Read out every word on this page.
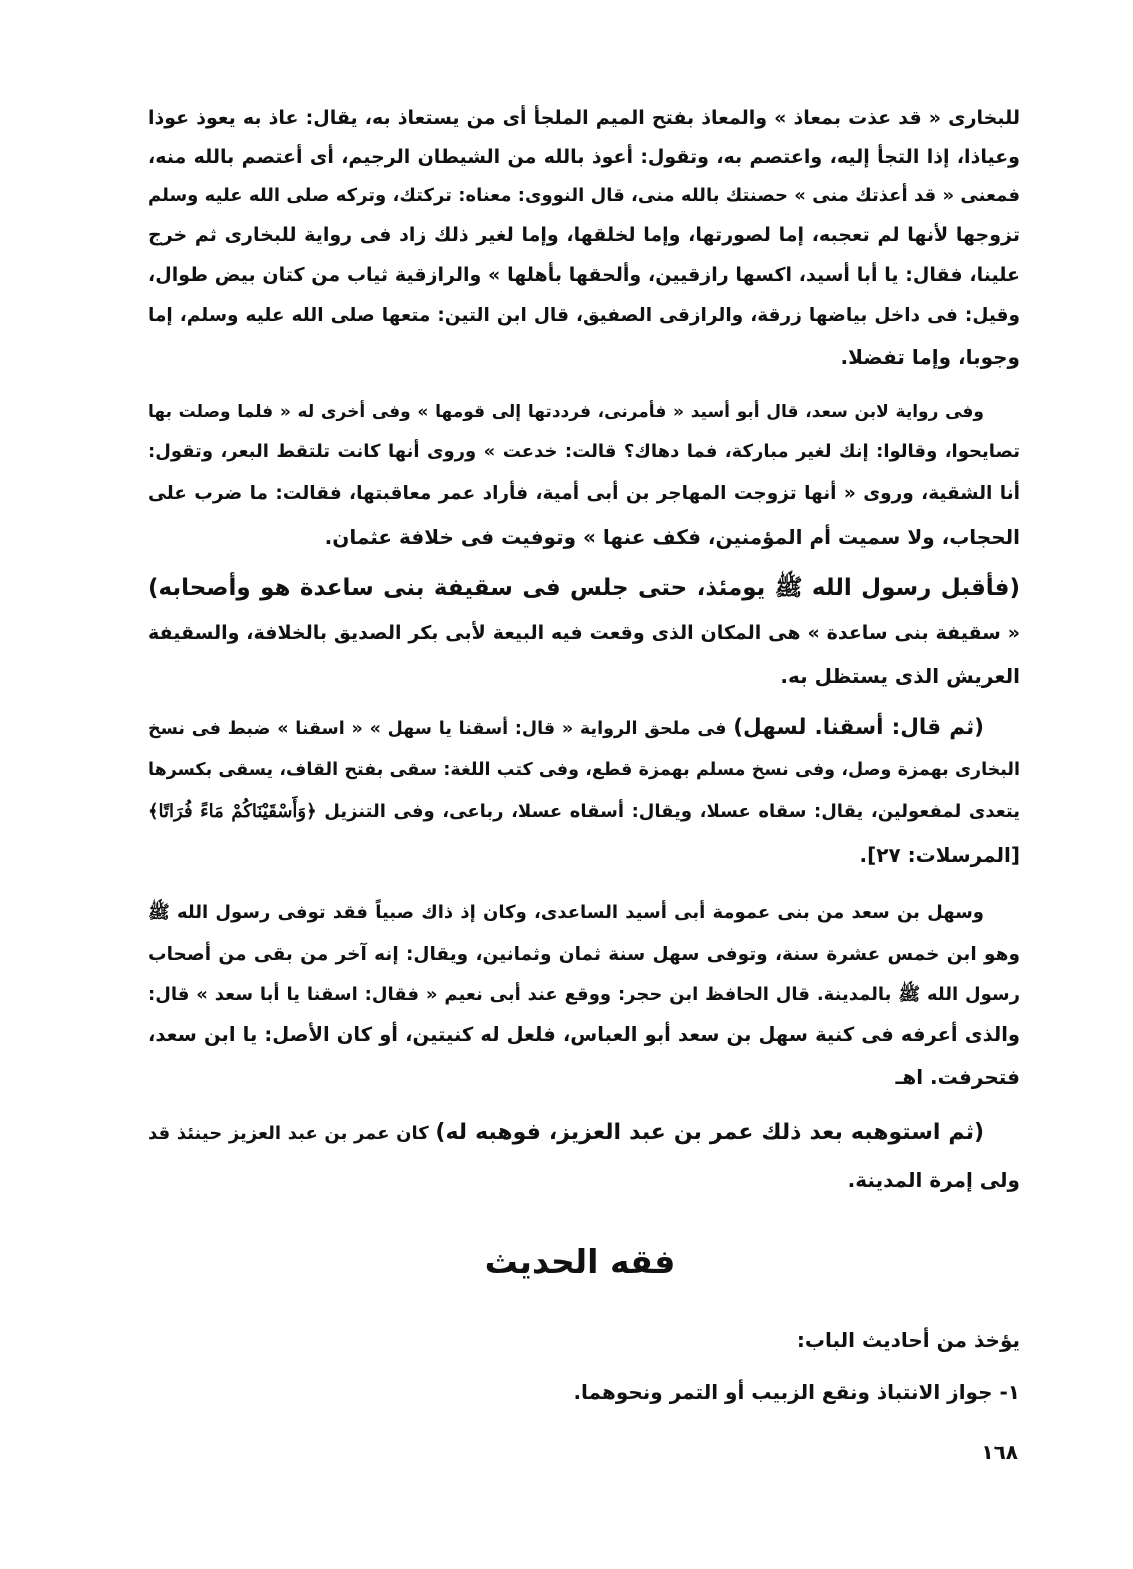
للبخارى « قد عذت بمعاذ » والمعاذ بفتح الميم الملجأ أى من يستعاذ به، يقال: عاذ به يعوذ عوذا
وعياذا، إذا التجأ إليه، واعتصم به، وتقول: أعوذ بالله من الشيطان الرجيم، أى أعتصم بالله منه،
فمعنى « قد أعذتك منى » حصنتك بالله منى، قال النووى: معناه: تركتك، وتركه صلى الله عليه وسلم
تزوجها لأنها لم تعجبه، إما لصورتها، وإما لخلقها، وإما لغير ذلك زاد فى رواية للبخارى ثم خرج
علينا، فقال: يا أبا أسيد، اكسها رازقيين، وألحقها بأهلها » والرازقية ثياب من كتان بيض طوال،
وقيل: فى داخل بياضها زرقة، والرازقى الصفيق، قال ابن التين: متعها صلى الله عليه وسلم، إما
وجوبا، وإما تفضلا.
وفى رواية لابن سعد، قال أبو أسيد « فأمرنى، فرددتها إلى قومها » وفى أخرى له « فلما وصلت بها
تصايحوا، وقالوا: إنك لغير مباركة، فما دهاك؟ قالت: خدعت » وروى أنها كانت تلتقط البعر، وتقول:
أنا الشقية، وروى « أنها تزوجت المهاجر بن أبى أمية، فأراد عمر معاقبتها، فقالت: ما ضرب على
الحجاب، ولا سميت أم المؤمنين، فكف عنها » وتوفيت فى خلافة عثمان.
(فأقبل رسول الله ﷺ يومئذ، حتى جلس فى سقيفة بنى ساعدة هو وأصحابه)
« سقيفة بنى ساعدة » هى المكان الذى وقعت فيه البيعة لأبى بكر الصديق بالخلافة، والسقيفة
العريش الذى يستظل به.
(ثم قال: أسقنا. لسهل) فى ملحق الرواية « قال: أسقنا يا سهل » « اسقنا » ضبط فى نسخ
البخارى بهمزة وصل، وفى نسخ مسلم بهمزة قطع، وفى كتب اللغة: سقى بفتح القاف، يسقى بكسرها
يتعدى لمفعولين، يقال: سقاه عسلا، ويقال: أسقاه عسلا، رباعى، وفى التنزيل ﴿وَأَسْقَيْنَاكُمْ مَاءً فُرَاتًا﴾
[المرسلات: ٢٧].
وسهل بن سعد من بنى عمومة أبى أسيد الساعدى، وكان إذ ذاك صبياً فقد توفى رسول الله ﷺ
وهو ابن خمس عشرة سنة، وتوفى سهل سنة ثمان وثمانين، ويقال: إنه آخر من بقى من أصحاب
رسول الله ﷺ بالمدينة. قال الحافظ ابن حجر: ووقع عند أبى نعيم « فقال: اسقنا يا أبا سعد » قال:
والذى أعرفه فى كنية سهل بن سعد أبو العباس، فلعل له كنيتين، أو كان الأصل: يا ابن سعد،
فتحرفت. اهـ
(ثم استوهبه بعد ذلك عمر بن عبد العزيز، فوهبه له) كان عمر بن عبد العزيز حينئذ قد
ولى إمرة المدينة.
فقه الحديث
يؤخذ من أحاديث الباب:
١- جواز الانتباذ ونقع الزبيب أو التمر ونحوهما.
١٦٨
